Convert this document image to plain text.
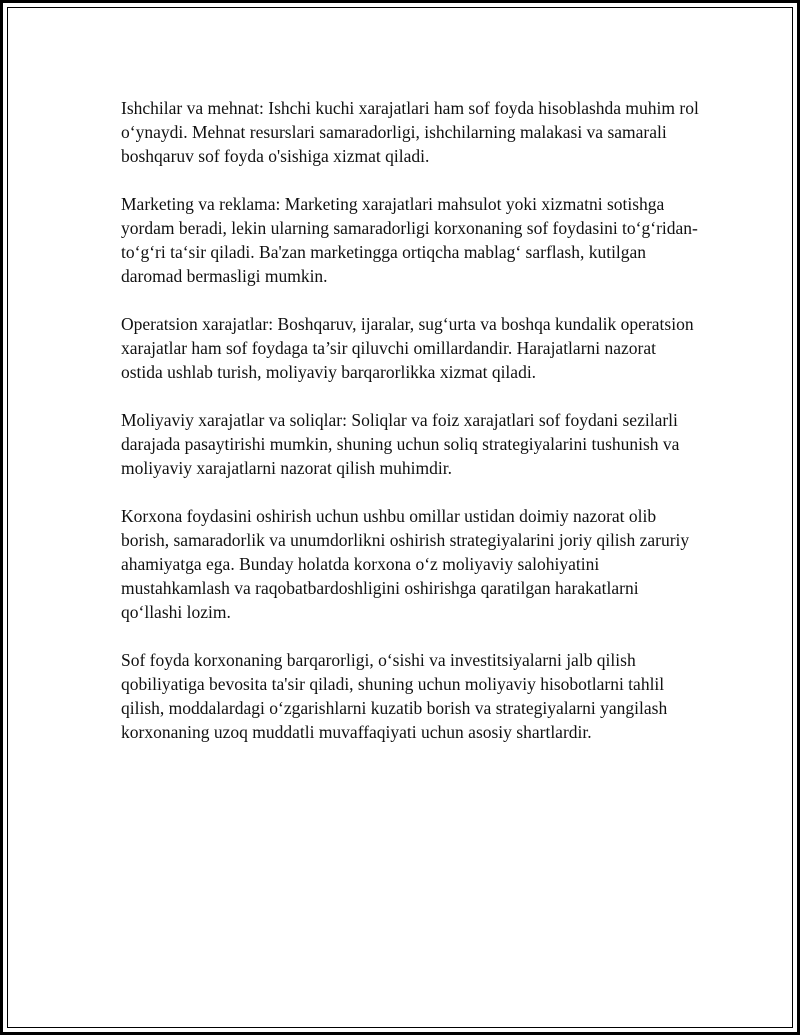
Ishchilar va mehnat: Ishchi kuchi xarajatlari ham sof foyda hisoblashda muhim rol o‘ynaydi. Mehnat resurslari samaradorligi, ishchilarning malakasi va samarali boshqaruv sof foyda o'sishiga xizmat qiladi.

Marketing va reklama: Marketing xarajatlari mahsulot yoki xizmatni sotishga yordam beradi, lekin ularning samaradorligi korxonaning sof foydasini to‘g‘ridan-to‘g‘ri ta‘sir qiladi. Ba'zan marketingga ortiqcha mablag‘ sarflash, kutilgan daromad bermasligi mumkin.

Operatsion xarajatlar: Boshqaruv, ijaralar, sug‘urta va boshqa kundalik operatsion xarajatlar ham sof foydaga ta’sir qiluvchi omillardandir. Harajatlarni nazorat ostida ushlab turish, moliyaviy barqarorlikka xizmat qiladi.

Moliyaviy xarajatlar va soliqlar: Soliqlar va foiz xarajatlari sof foydani sezilarli darajada pasaytirishi mumkin, shuning uchun soliq strategiyalarini tushunish va moliyaviy xarajatlarni nazorat qilish muhimdir.

Korxona foydasini oshirish uchun ushbu omillar ustidan doimiy nazorat olib borish, samaradorlik va unumdorlikni oshirish strategiyalarini joriy qilish zaruriy ahamiyatga ega. Bunday holatda korxona o‘z moliyaviy salohiyatini mustahkamlash va raqobatbardoshligini oshirishga qaratilgan harakatlarni qo‘llashi lozim.

Sof foyda korxonaning barqarorligi, o‘sishi va investitsiyalarni jalb qilish qobiliyatiga bevosita ta'sir qiladi, shuning uchun moliyaviy hisobotlarni tahlil qilish, moddalardagi o‘zgarishlarni kuzatib borish va strategiyalarni yangilash korxonaning uzoq muddatli muvaffaqiyati uchun asosiy shartlardir.
